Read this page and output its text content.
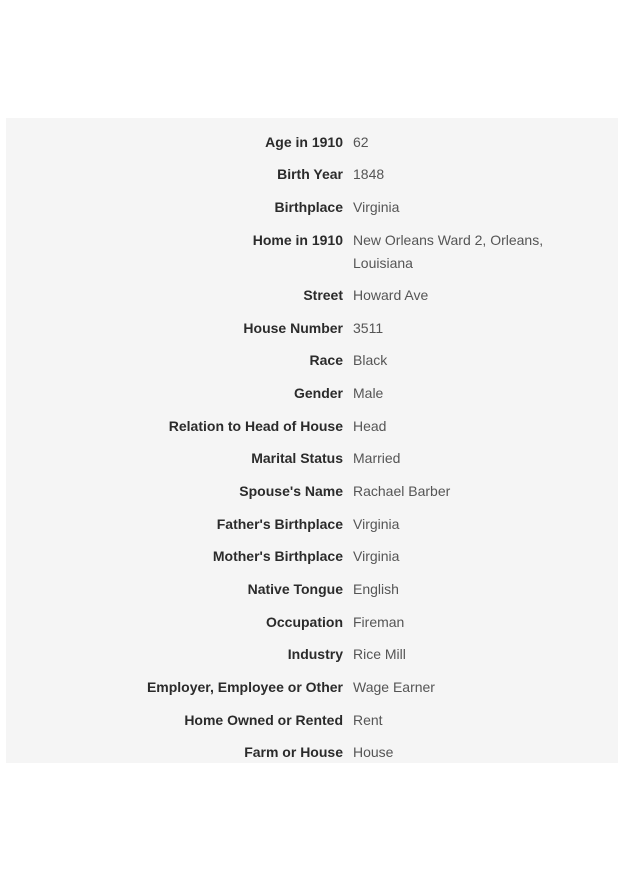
Age in 1910 62
Birth Year 1848
Birthplace Virginia
Home in 1910 New Orleans Ward 2, Orleans, Louisiana
Street Howard Ave
House Number 3511
Race Black
Gender Male
Relation to Head of House Head
Marital Status Married
Spouse's Name Rachael Barber
Father's Birthplace Virginia
Mother's Birthplace Virginia
Native Tongue English
Occupation Fireman
Industry Rice Mill
Employer, Employee or Other Wage Earner
Home Owned or Rented Rent
Farm or House House
